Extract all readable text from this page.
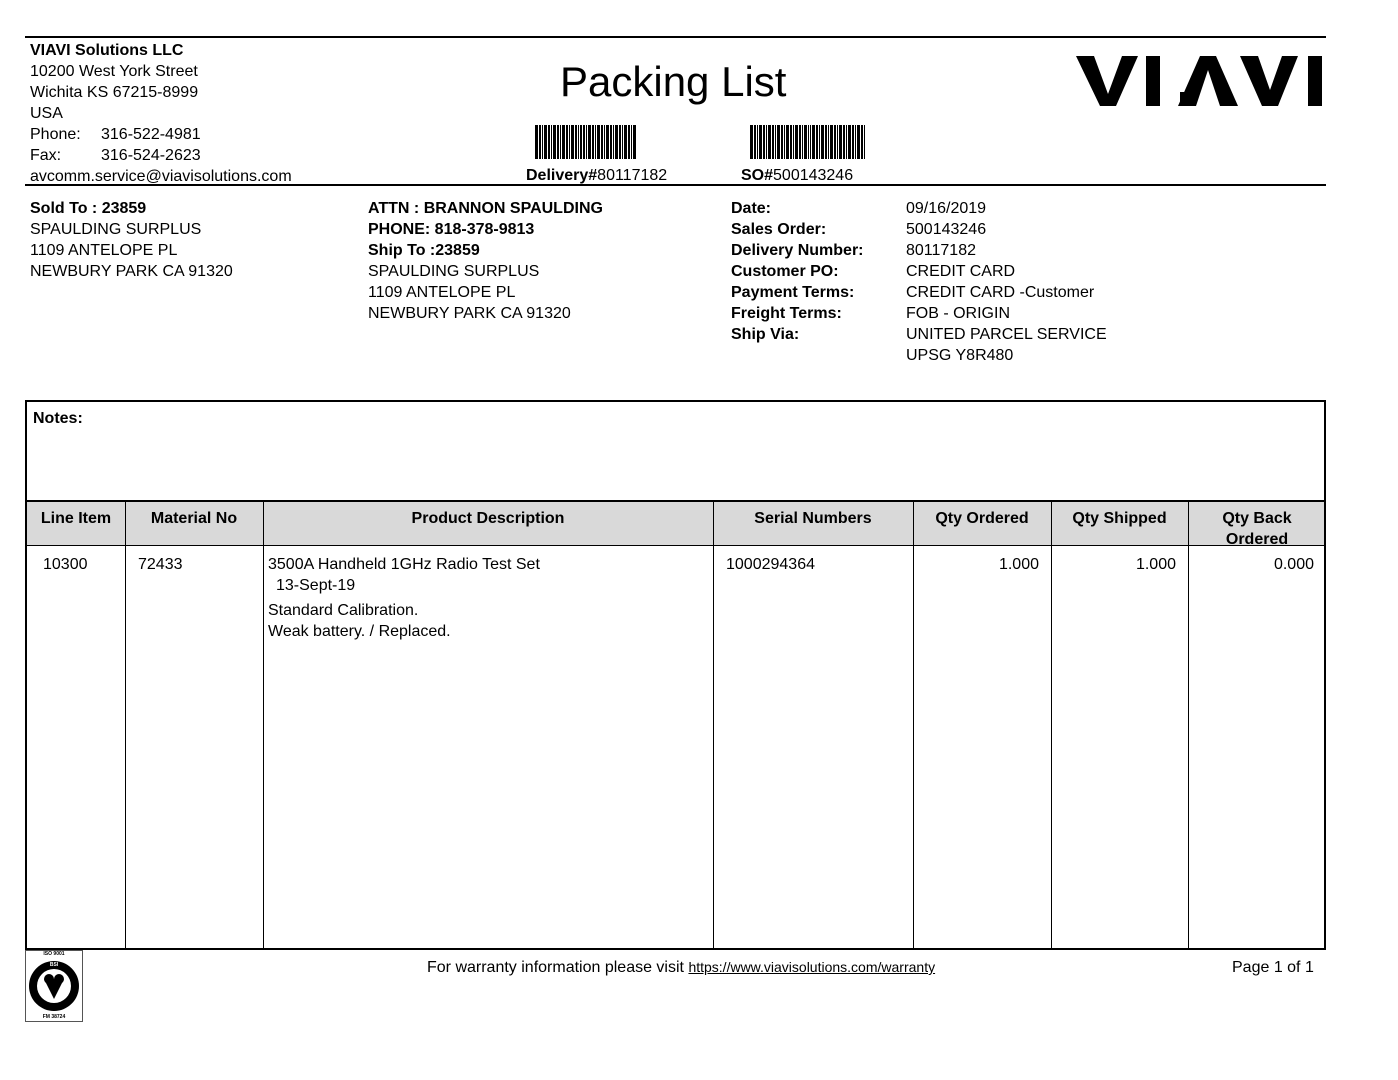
VIAVI Solutions LLC
10200 West York Street
Wichita KS 67215-8999
USA
Phone: 316-522-4981
Fax: 316-524-2623
avcomm.service@viavisolutions.com
Packing List
Delivery#80117182	SO#500143246
Sold To : 23859
SPAULDING SURPLUS
1109 ANTELOPE PL
NEWBURY PARK CA 91320
ATTN : BRANNON SPAULDING
PHONE: 818-378-9813
Ship To :23859
SPAULDING SURPLUS
1109 ANTELOPE PL
NEWBURY PARK CA 91320
Date:	09/16/2019
Sales Order:	500143246
Delivery Number:	80117182
Customer PO:	CREDIT CARD
Payment Terms:	CREDIT CARD -Customer
Freight Terms:	FOB - ORIGIN
Ship Via:	UNITED PARCEL SERVICE
UPSG Y8R480
Notes:
Line Item	Material No	Product Description	Serial Numbers	Qty Ordered	Qty Shipped	Qty Back
Ordered
10300	72433	3500A Handheld 1GHz Radio Test Set
13-Sept-19
Standard Calibration.
Weak battery. / Replaced.
1000294364	1.000	1.000	0.000
ISO 9001
BSI
FM 38724
For warranty information please visit https://www.viavisolutions.com/warranty	Page 1 of 1
